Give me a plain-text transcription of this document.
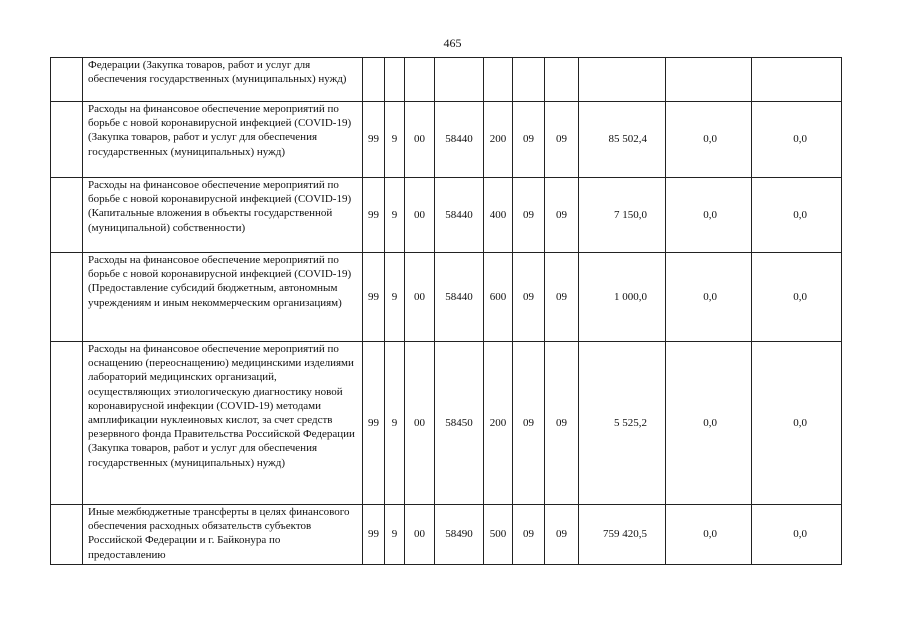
465
	Федерации (Закупка товаров, работ и услуг для обеспечения государственных (муниципальных) нужд)										
	Расходы на финансовое обеспечение мероприятий по борьбе с новой коронавирусной инфекцией (COVID-19) (Закупка товаров, работ и услуг для обеспечения государственных (муниципальных) нужд)	99	9	00	58440	200	09	09	85 502,4	0,0	0,0
	Расходы на финансовое обеспечение мероприятий по борьбе с новой коронавирусной инфекцией (COVID-19) (Капитальные вложения в объекты государственной (муниципальной) собственности)	99	9	00	58440	400	09	09	7 150,0	0,0	0,0
	Расходы на финансовое обеспечение мероприятий по борьбе с новой коронавирусной инфекцией (COVID-19) (Предоставление субсидий бюджетным, автономным учреждениям и иным некоммерческим организациям)	99	9	00	58440	600	09	09	1 000,0	0,0	0,0
	Расходы на финансовое обеспечение мероприятий по оснащению (переоснащению) медицинскими изделиями лабораторий медицинских организаций, осуществляющих этиологическую диагностику новой коронавирусной инфекции (COVID-19) методами амплификации нуклеиновых кислот, за счет средств резервного фонда Правительства Российской Федерации (Закупка товаров, работ и услуг для обеспечения государственных (муниципальных) нужд)	99	9	00	58450	200	09	09	5 525,2	0,0	0,0
	Иные межбюджетные трансферты в целях финансового обеспечения расходных обязательств субъектов Российской Федерации и г. Байконура по предоставлению	99	9	00	58490	500	09	09	759 420,5	0,0	0,0
